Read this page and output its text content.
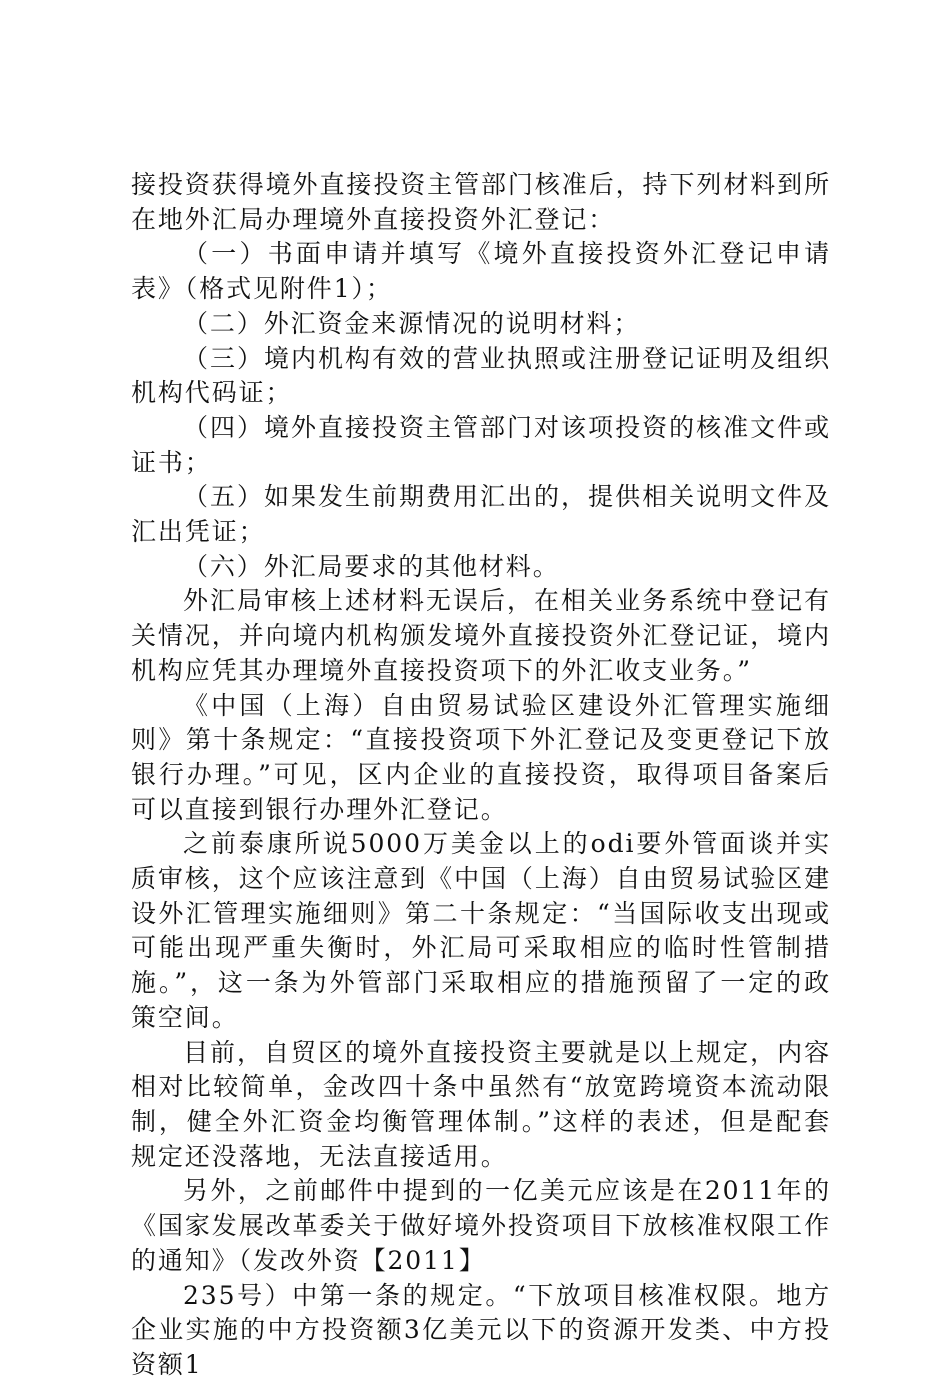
接投资获得境外直接投资主管部门核准后，持下列材料到所在地外汇局办理境外直接投资外汇登记：

（一）书面申请并填写《境外直接投资外汇登记申请表》（格式见附件1）；

（二）外汇资金来源情况的说明材料；

（三）境内机构有效的营业执照或注册登记证明及组织机构代码证；

（四）境外直接投资主管部门对该项投资的核准文件或证书；

（五）如果发生前期费用汇出的，提供相关说明文件及汇出凭证；

（六）外汇局要求的其他材料。

外汇局审核上述材料无误后，在相关业务系统中登记有关情况，并向境内机构颁发境外直接投资外汇登记证，境内机构应凭其办理境外直接投资项下的外汇收支业务。”

《中国（上海）自由贸易试验区建设外汇管理实施细则》第十条规定：“直接投资项下外汇登记及变更登记下放银行办理。”可见，区内企业的直接投资，取得项目备案后可以直接到银行办理外汇登记。

之前泰康所说5000万美金以上的odi要外管面谈并实质审核，这个应该注意到《中国（上海）自由贸易试验区建设外汇管理实施细则》第二十条规定：“当国际收支出现或可能出现严重失衡时，外汇局可采取相应的临时性管制措施。”，这一条为外管部门采取相应的措施预留了一定的政策空间。

目前，自贸区的境外直接投资主要就是以上规定，内容相对比较简单，金改四十条中虽然有“放宽跨境资本流动限制，健全外汇资金均衡管理体制。”这样的表述，但是配套规定还没落地，无法直接适用。

另外，之前邮件中提到的一亿美元应该是在2011年的《国家发展改革委关于做好境外投资项目下放核准权限工作的通知》（发改外资【2011】

235号）中第一条的规定。“下放项目核准权限。地方企业实施的中方投资额3亿美元以下的资源开发类、中方投资额1
